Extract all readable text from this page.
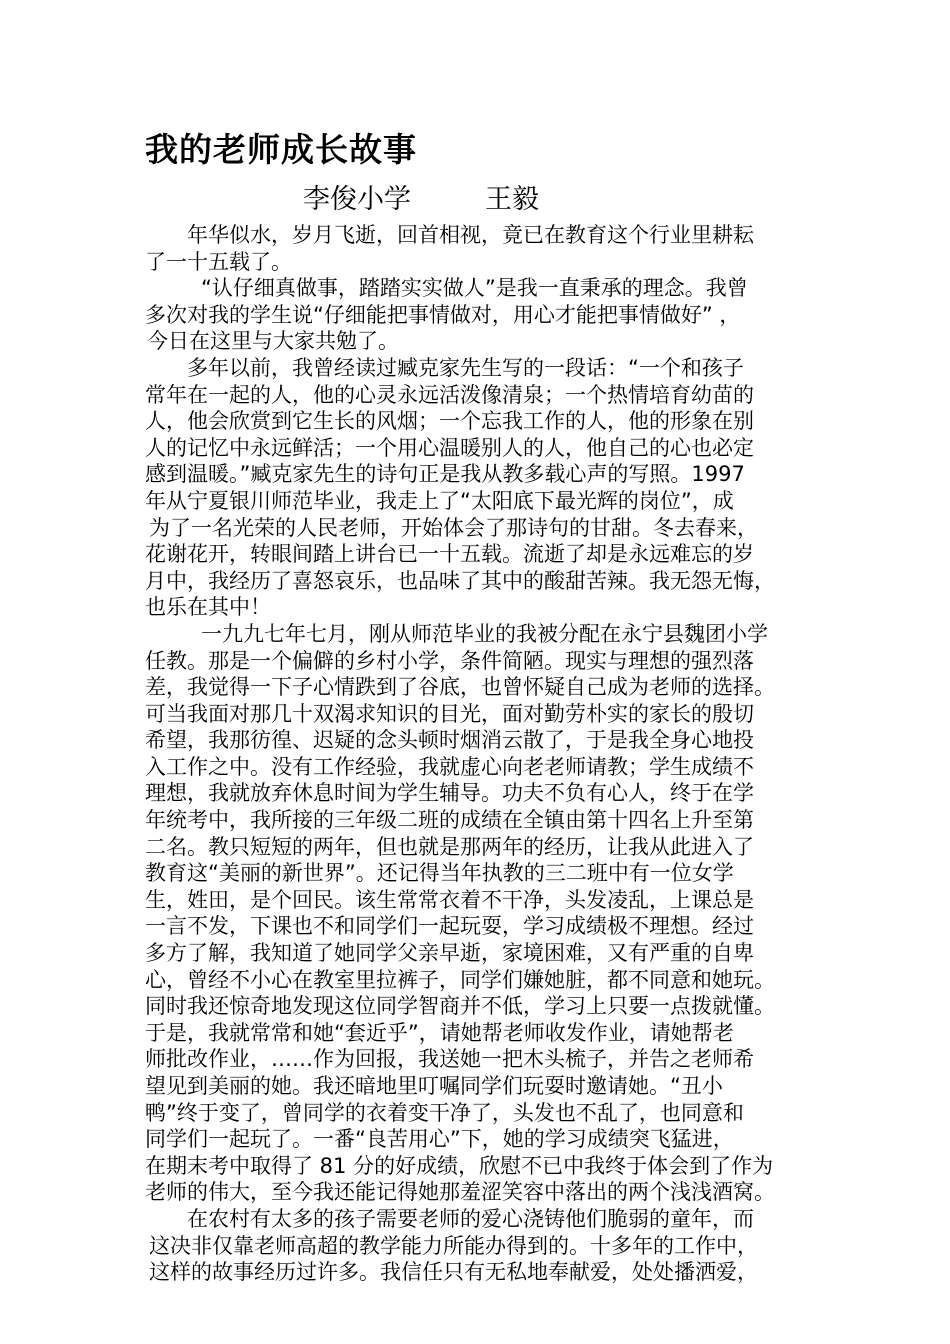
我的老师成长故事
李俊小学	王毅
年华似水，岁月飞逝，回首相视，竟已在教育这个行业里耕耘
了一十五载了。
“认仔细真做事，踏踏实实做人”是我一直秉承的理念。我曾
多次对我的学生说“仔细能把事情做对，用心才能把事情做好” ，
今日在这里与大家共勉了。
多年以前，我曾经读过臧克家先生写的一段话：“一个和孩子
常年在一起的人，他的心灵永远活泼像清泉；一个热情培育幼苗的
人，他会欣赏到它生长的风烟；一个忘我工作的人，他的形象在别
人的记忆中永远鲜活；一个用心温暖别人的人，他自己的心也必定
感到温暖。”臧克家先生的诗句正是我从教多载心声的写照。1997
年从宁夏银川师范毕业，我走上了“太阳底下最光辉的岗位”，成
为了一名光荣的人民老师，开始体会了那诗句的甘甜。冬去春来，
花谢花开，转眼间踏上讲台已一十五载。流逝了却是永远难忘的岁
月中，我经历了喜怒哀乐，也品味了其中的酸甜苦辣。我无怨无悔，
也乐在其中！
一九九七年七月，刚从师范毕业的我被分配在永宁县魏团小学
任教。那是一个偏僻的乡村小学，条件简陋。现实与理想的强烈落
差，我觉得一下子心情跌到了谷底，也曾怀疑自己成为老师的选择。
可当我面对那几十双渴求知识的目光，面对勤劳朴实的家长的殷切
希望，我那彷徨、迟疑的念头顿时烟消云散了，于是我全身心地投
入工作之中。没有工作经验，我就虚心向老老师请教；学生成绩不
理想，我就放弃休息时间为学生辅导。功夫不负有心人，终于在学
年统考中，我所接的三年级二班的成绩在全镇由第十四名上升至第
二名。教只短短的两年，但也就是那两年的经历，让我从此进入了
教育这“美丽的新世界”。还记得当年执教的三二班中有一位女学
生，姓田，是个回民。该生常常衣着不干净，头发凌乱，上课总是
一言不发，下课也不和同学们一起玩耍，学习成绩极不理想。经过
多方了解，我知道了她同学父亲早逝，家境困难，又有严重的自卑
心，曾经不小心在教室里拉裤子，同学们嫌她脏，都不同意和她玩。
同时我还惊奇地发现这位同学智商并不低，学习上只要一点拨就懂。
于是，我就常常和她“套近乎”，请她帮老师收发作业，请她帮老
师批改作业，……作为回报，我送她一把木头梳子，并告之老师希
望见到美丽的她。我还暗地里叮嘱同学们玩耍时邀请她。“丑小
鸭”终于变了，曾同学的衣着变干净了，头发也不乱了，也同意和
同学们一起玩了。一番“良苦用心”下，她的学习成绩突飞猛进，
在期末考中取得了 81 分的好成绩，欣慰不已中我终于体会到了作为
老师的伟大，至今我还能记得她那羞涩笑容中落出的两个浅浅酒窝。
在农村有太多的孩子需要老师的爱心浇铸他们脆弱的童年，而
这决非仅靠老师高超的教学能力所能办得到的。十多年的工作中，
这样的故事经历过许多。我信任只有无私地奉献爱，处处播洒爱，
